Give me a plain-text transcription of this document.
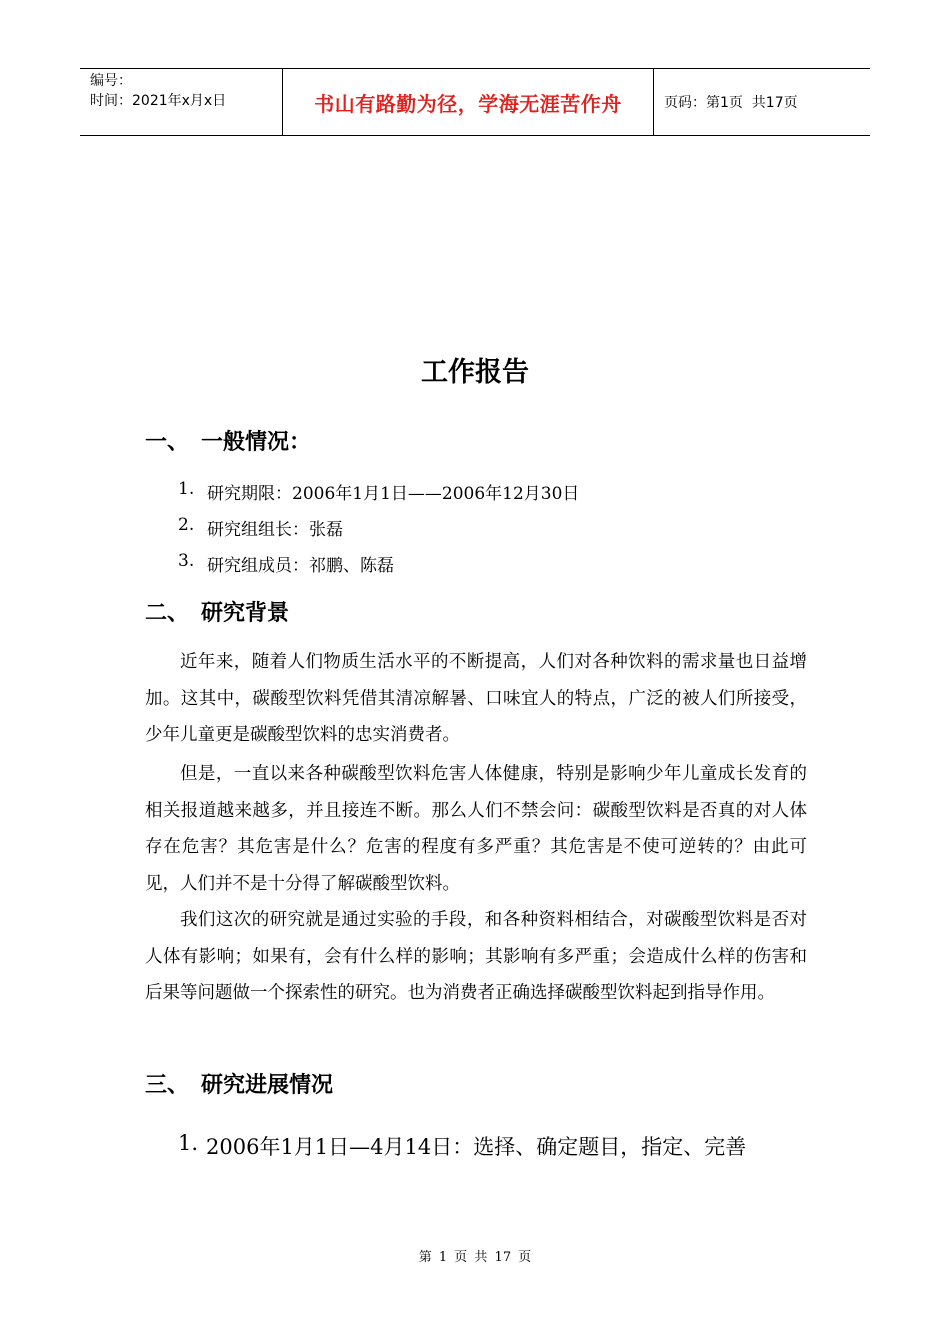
编号：
时间：2021年x月x日	书山有路勤为径，学海无涯苦作舟	页码：第1页  共17页
工作报告
一、 一般情况：
1. 研究期限：2006年1月1日——2006年12月30日
2. 研究组组长：张磊
3. 研究组成员：祁鹏、陈磊
二、 研究背景

近年来，随着人们物质生活水平的不断提高，人们对各种饮料的需求量也日益增加。这其中，碳酸型饮料凭借其清凉解暑、口味宜人的特点，广泛的被人们所接受，少年儿童更是碳酸型饮料的忠实消费者。

但是，一直以来各种碳酸型饮料危害人体健康，特别是影响少年儿童成长发育的相关报道越来越多，并且接连不断。那么人们不禁会问：碳酸型饮料是否真的对人体存在危害？其危害是什么？危害的程度有多严重？其危害是不使可逆转的？由此可见，人们并不是十分得了解碳酸型饮料。

我们这次的研究就是通过实验的手段，和各种资料相结合，对碳酸型饮料是否对人体有影响；如果有，会有什么样的影响；其影响有多严重；会造成什么样的伤害和后果等问题做一个探索性的研究。也为消费者正确选择碳酸型饮料起到指导作用。

三、 研究进展情况
1. 2006年1月1日—4月14日：选择、确定题目，指定、完善
第 1 页 共 17 页
